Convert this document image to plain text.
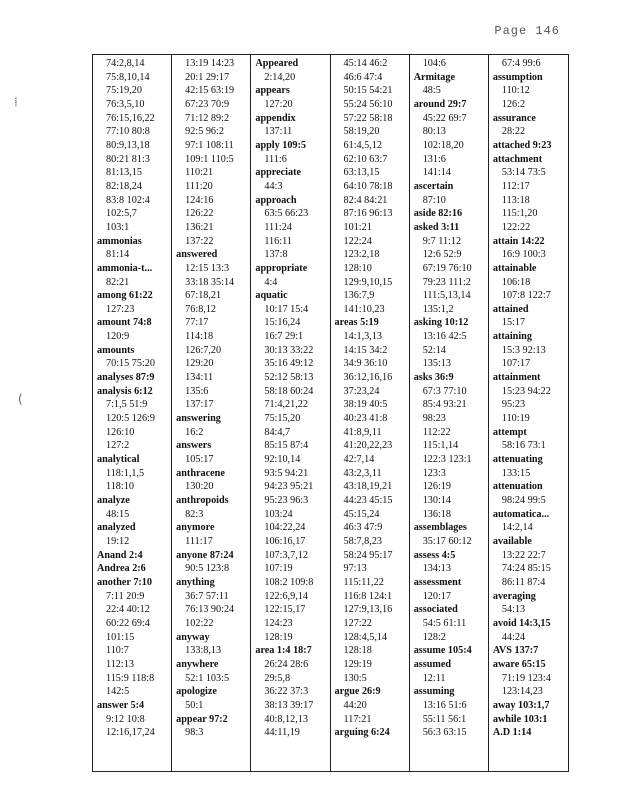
Page 146
⁞
(
74:2,8,14
75:8,10,14
75:19,20
76:3,5,10
76:15,16,22
77:10 80:8
80:9,13,18
80:21 81:3
81:13,15
82:18,24
83:8 102:4
102:5,7
103:1
ammonias
81:14
ammonia-t...
82:21
among 61:22
127:23
amount 74:8
120:9
amounts
70:15 75:20
analyses 87:9
analysis 6:12
7:1,5 51:9
120:5 126:9
126:10
127:2
analytical
118:1,1,5
118:10
analyze
48:15
analyzed
19:12
Anand 2:4
Andrea 2:6
another 7:10
7:11 20:9
22:4 40:12
60:22 69:4
101:15
110:7
112:13
115:9 118:8
142:5
answer 5:4
9:12 10:8
12:16,17,24
13:19 14:23
20:1 29:17
42:15 63:19
67:23 70:9
71:12 89:2
92:5 96:2
97:1 108:11
109:1 110:5
110:21
111:20
124:16
126:22
136:21
137:22
answered
12:15 13:3
33:18 35:14
67:18,21
76:8,12
77:17
114:18
126:7,20
129:20
134:11
135:6
137:17
answering
16:2
answers
105:17
anthracene
130:20
anthropoids
82:3
anymore
111:17
anyone 87:24
90:5 123:8
anything
36:7 57:11
76:13 90:24
102:22
anyway
133:8,13
anywhere
52:1 103:5
apologize
50:1
appear 97:2
98:3
Appeared
2:14,20
appears
127:20
appendix
137:11
apply 109:5
111:6
appreciate
44:3
approach
63:5 66:23
111:24
116:11
137:8
appropriate
4:4
aquatic
10:17 15:4
15:16,24
16:7 29:1
30:13 33:22
35:16 49:12
52:12 58:13
58:18 60:24
71:4,21,22
75:15,20
84:4,7
85:15 87:4
92:10,14
93:5 94:21
94:23 95:21
95:23 96:3
103:24
104:22,24
106:16,17
107:3,7,12
107:19
108:2 109:8
122:6,9,14
122:15,17
124:23
128:19
area 1:4 18:7
26:24 28:6
29:5,8
36:22 37:3
38:13 39:17
40:8,12,13
44:11,19
45:14 46:2
46:6 47:4
50:15 54:21
55:24 56:10
57:22 58:18
58:19,20
61:4,5,12
62:10 63:7
63:13,15
64:10 78:18
82:4 84:21
87:16 96:13
101:21
122:24
123:2,18
128:10
129:9,10,15
136:7,9
141:10,23
areas 5:19
14:1,3,13
14:15 34:2
34:9 36:10
36:12,16,16
37:23,24
38:19 40:5
40:23 41:8
41:8,9,11
41:20,22,23
42:7,14
43:2,3,11
43:18,19,21
44:23 45:15
45:15,24
46:3 47:9
58:7,8,23
58:24 95:17
97:13
115:11,22
116:8 124:1
127:9,13,16
127:22
128:4,5,14
128:18
129:19
130:5
argue 26:9
44:20
117:21
arguing 6:24
104:6
Armitage
48:5
around 29:7
45:22 69:7
80:13
102:18,20
131:6
141:14
ascertain
87:10
aside 82:16
asked 3:11
9:7 11:12
12:6 52:9
67:19 76:10
79:23 111:2
111:5,13,14
135:1,2
asking 10:12
13:16 42:5
52:14
135:13
asks 36:9
67:3 77:10
85:4 93:21
98:23
112:22
115:1,14
122:3 123:1
123:3
126:19
130:14
136:18
assemblages
35:17 60:12
assess 4:5
134:13
assessment
120:17
associated
54:5 61:11
128:2
assume 105:4
assumed
12:11
assuming
13:16 51:6
55:11 56:1
56:3 63:15
67:4 99:6
assumption
110:12
126:2
assurance
28:22
attached 9:23
attachment
53:14 73:5
112:17
113:18
115:1,20
122:22
attain 14:22
16:9 100:3
attainable
106:18
107:8 122:7
attained
15:17
attaining
15:3 92:13
107:17
attainment
15:23 94:22
95:23
110:19
attempt
58:16 73:1
attenuating
133:15
attenuation
98:24 99:5
automatica...
14:2,14
available
13:22 22:7
74:24 85:15
86:11 87:4
averaging
54:13
avoid 14:3,15
44:24
AVS 137:7
aware 65:15
71:19 123:4
123:14,23
away 103:1,7
awhile 103:1
A.D 1:14
